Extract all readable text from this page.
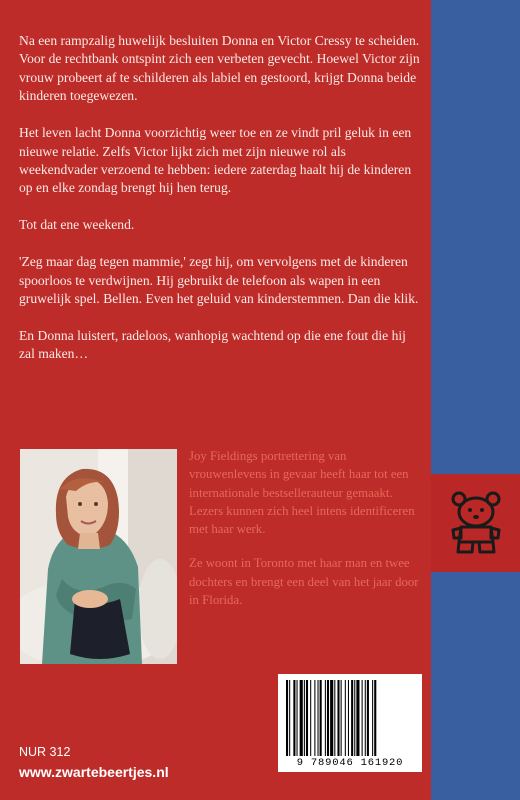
Na een rampzalig huwelijk besluiten Donna en Victor Cressy te scheiden. Voor de rechtbank ontspint zich een verbeten gevecht. Hoewel Victor zijn vrouw probeert af te schilderen als labiel en gestoord, krijgt Donna beide kinderen toegewezen.

Het leven lacht Donna voorzichtig weer toe en ze vindt pril geluk in een nieuwe relatie. Zelfs Victor lijkt zich met zijn nieuwe rol als weekendvader verzoend te hebben: iedere zaterdag haalt hij de kinderen op en elke zondag brengt hij hen terug.

Tot dat ene weekend.

'Zeg maar dag tegen mammie,' zegt hij, om vervolgens met de kinderen spoorloos te verdwijnen. Hij gebruikt de telefoon als wapen in een gruwelijk spel. Bellen. Even het geluid van kinderstemmen. Dan die klik.

En Donna luistert, radeloos, wanhopig wachtend op die ene fout die hij zal maken…

Joy Fieldings portrettering van vrouwenlevens in gevaar heeft haar tot een internationale bestsellerauteur gemaakt. Lezers kunnen zich heel intens identificeren met haar werk.

Ze woont in Toronto met haar man en twee dochters en brengt een deel van het jaar door in Florida.

9 789046 161920
NUR 312
www.zwartebeertjes.nl
